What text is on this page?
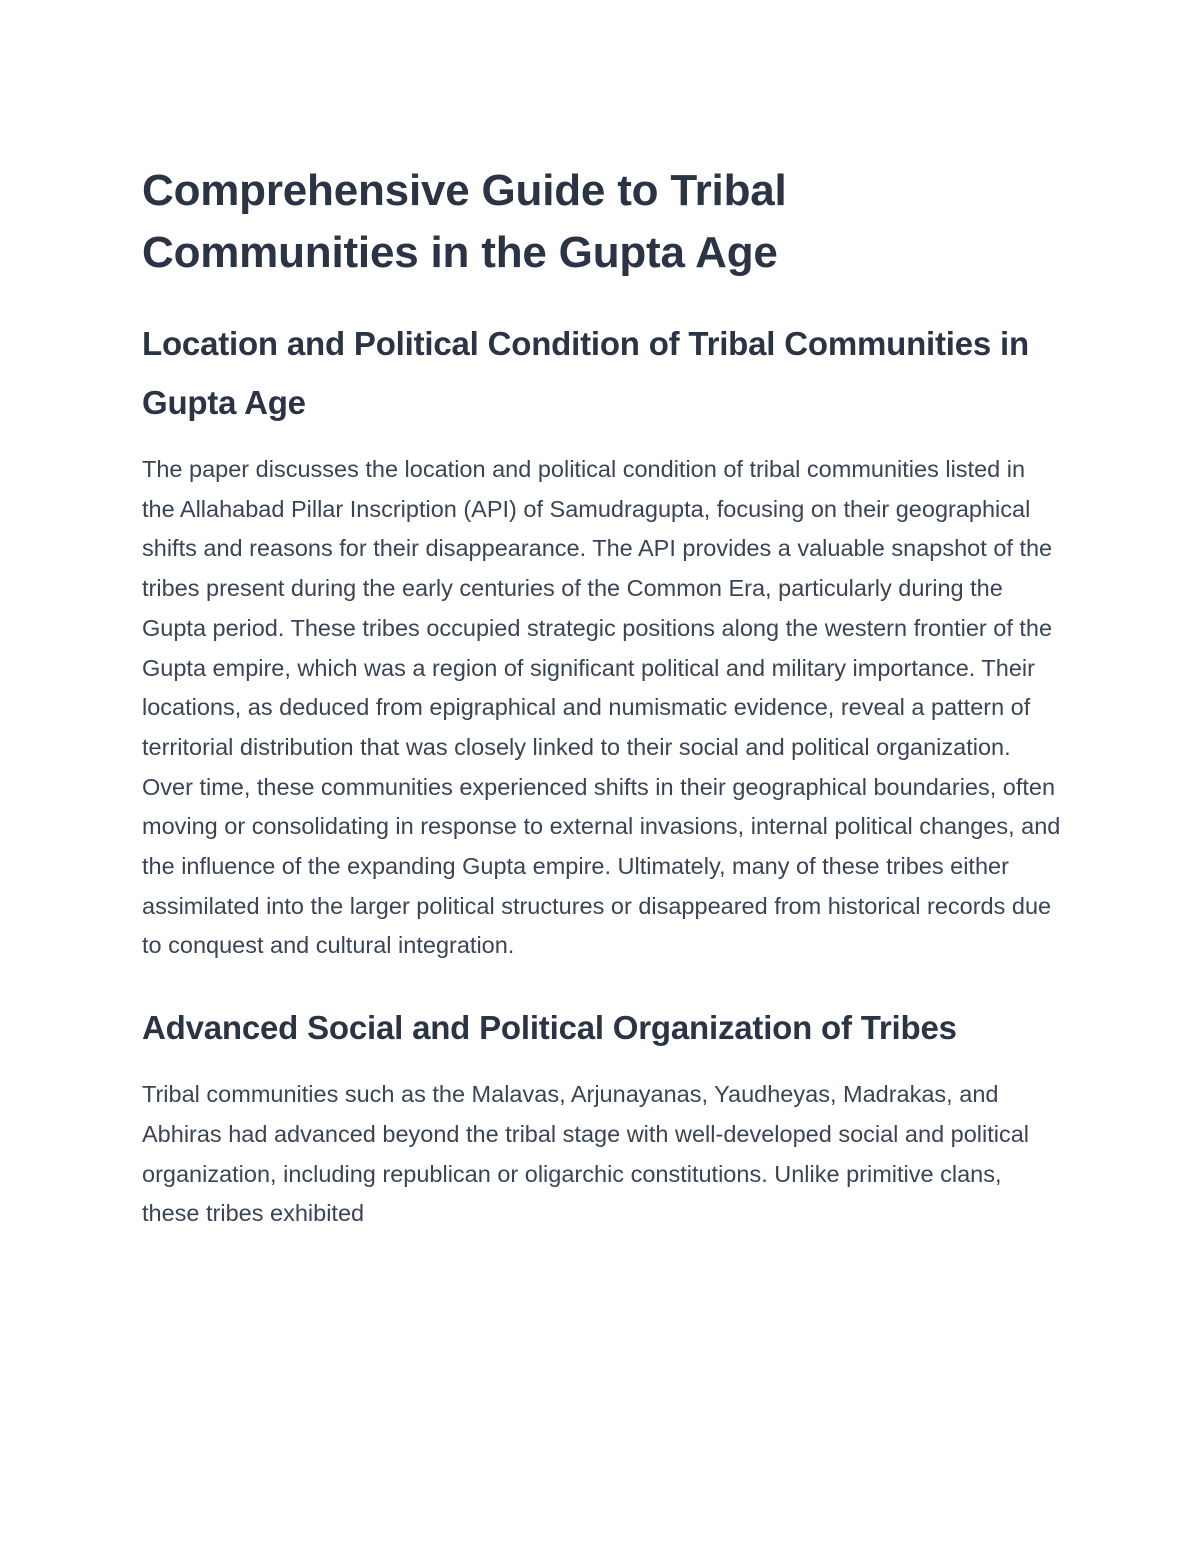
Comprehensive Guide to Tribal Communities in the Gupta Age
Location and Political Condition of Tribal Communities in Gupta Age

The paper discusses the location and political condition of tribal communities listed in the Allahabad Pillar Inscription (API) of Samudragupta, focusing on their geographical shifts and reasons for their disappearance. The API provides a valuable snapshot of the tribes present during the early centuries of the Common Era, particularly during the Gupta period. These tribes occupied strategic positions along the western frontier of the Gupta empire, which was a region of significant political and military importance. Their locations, as deduced from epigraphical and numismatic evidence, reveal a pattern of territorial distribution that was closely linked to their social and political organization. Over time, these communities experienced shifts in their geographical boundaries, often moving or consolidating in response to external invasions, internal political changes, and the influence of the expanding Gupta empire. Ultimately, many of these tribes either assimilated into the larger political structures or disappeared from historical records due to conquest and cultural integration.

Advanced Social and Political Organization of Tribes

Tribal communities such as the Malavas, Arjunayanas, Yaudheyas, Madrakas, and Abhiras had advanced beyond the tribal stage with well-developed social and political organization, including republican or oligarchic constitutions. Unlike primitive clans, these tribes exhibited
